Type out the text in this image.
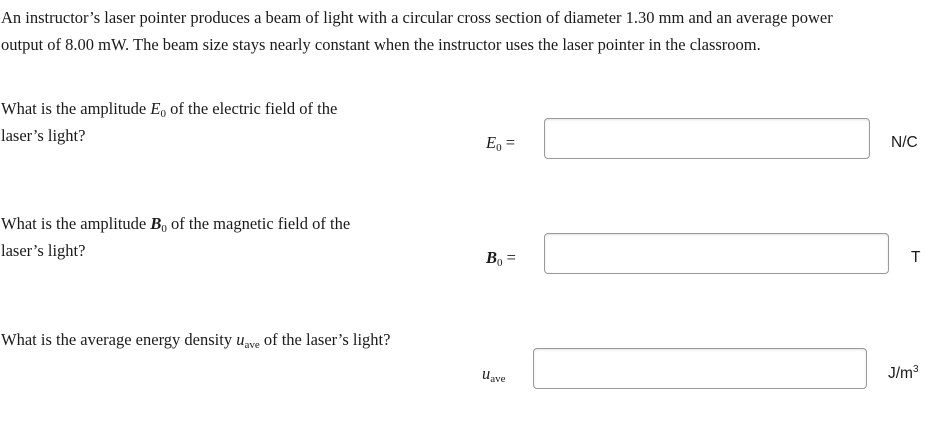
An instructor’s laser pointer produces a beam of light with a circular cross section of diameter 1.30 mm and an average power
output of 8.00 mW. The beam size stays nearly constant when the instructor uses the laser pointer in the classroom.

What is the amplitude $E_0$ of the electric field of the
laser’s light?	$E_0$ =	N/C

What is the amplitude $B_0$ of the magnetic field of the
laser’s light?	$B_0$ =	T

What is the average energy density $u_{ave}$ of the laser’s light?

$u_{ave}$	$J/m^3$
